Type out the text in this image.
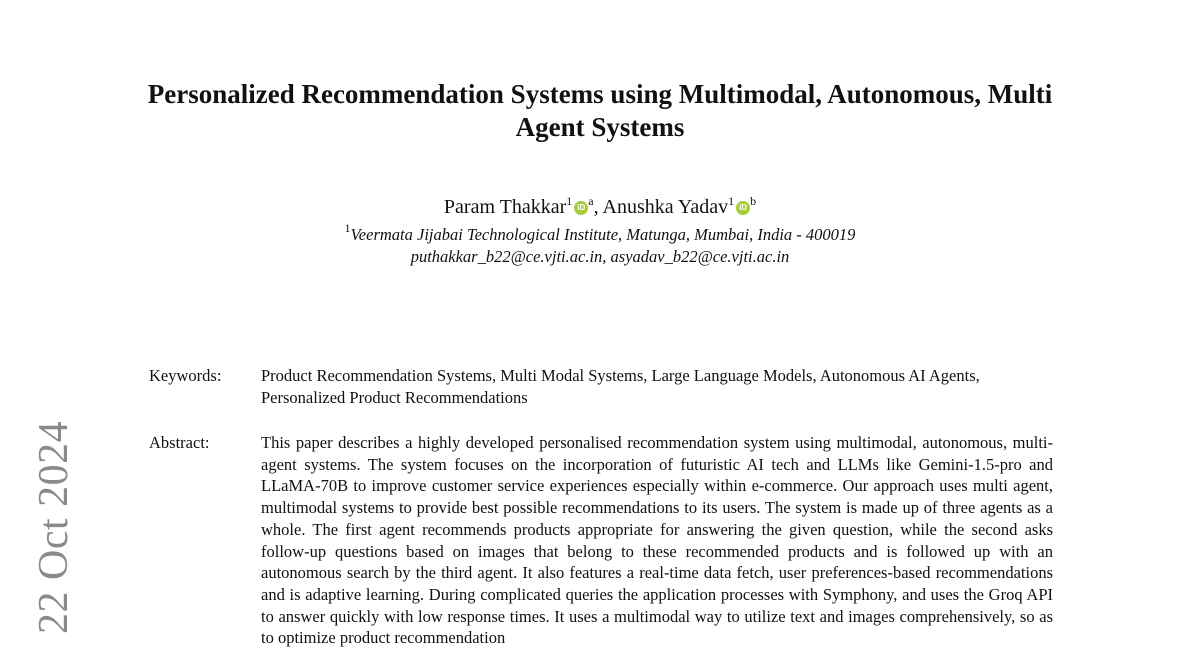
22 Oct 2024
Personalized Recommendation Systems using Multimodal, Autonomous, Multi Agent Systems
Param Thakkar$^1$ iD $^a$, Anushka Yadav$^1$ iD $^b$
$^1$Veermata Jijabai Technological Institute, Matunga, Mumbai, India - 400019
puthakkar_b22@ce.vjti.ac.in, asyadav_b22@ce.vjti.ac.in
Keywords: Product Recommendation Systems, Multi Modal Systems, Large Language Models, Autonomous AI Agents, Personalized Product Recommendations
Abstract:	This paper describes a highly developed personalised recommendation system using multimodal, autonomous, multi-agent systems. The system focuses on the incorporation of futuristic AI tech and LLMs like Gemini-1.5-pro and LLaMA-70B to improve customer service experiences especially within e-commerce. Our approach uses multi agent, multimodal systems to provide best possible recommendations to its users. The system is made up of three agents as a whole. The first agent recommends products appropriate for answering the given question, while the second asks follow-up questions based on images that belong to these recommended products and is followed up with an autonomous search by the third agent. It also features a real-time data fetch, user preferences-based recommendations and is adaptive learning. During complicated queries the application processes with Symphony, and uses the Groq API to answer quickly with low response times. It uses a multimodal way to utilize text and images comprehensively, so as to optimize product recommendation
